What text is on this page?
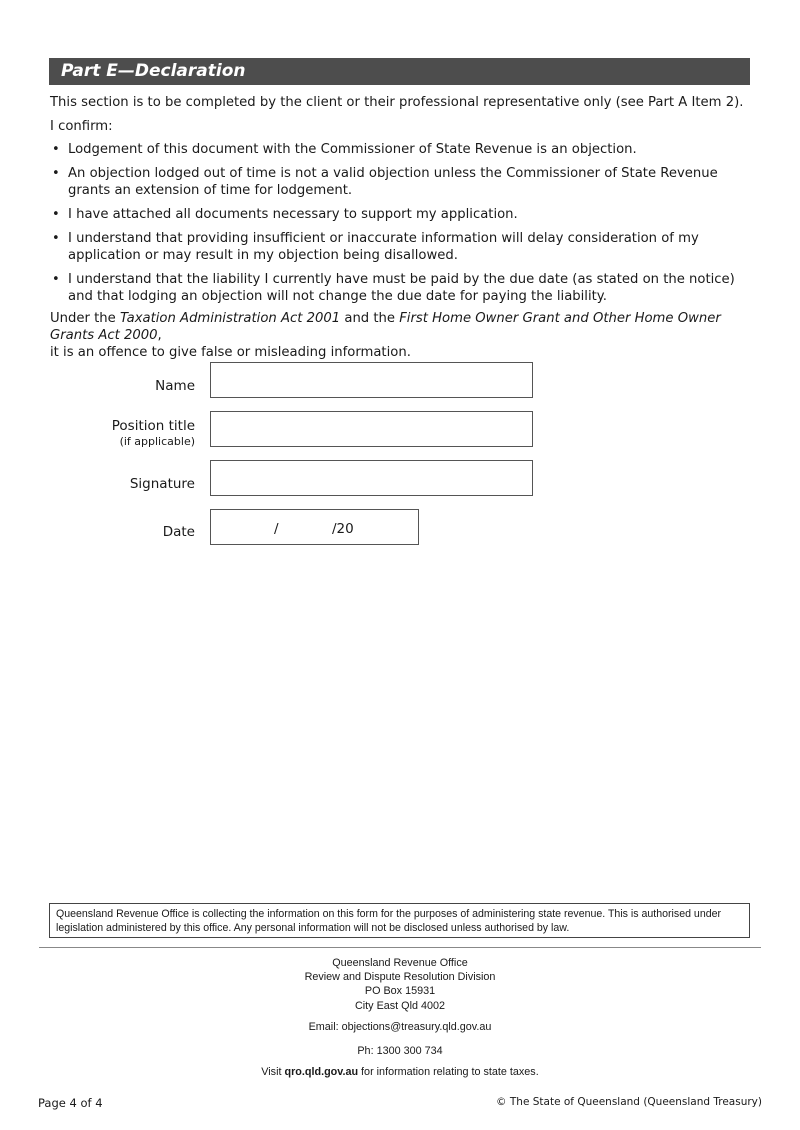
Part E—Declaration
This section is to be completed by the client or their professional representative only (see Part A Item 2).
I confirm:
• Lodgement of this document with the Commissioner of State Revenue is an objection.
• An objection lodged out of time is not a valid objection unless the Commissioner of State Revenue grants an extension of time for lodgement.
• I have attached all documents necessary to support my application.
• I understand that providing insufficient or inaccurate information will delay consideration of my application or may result in my objection being disallowed.
• I understand that the liability I currently have must be paid by the due date (as stated on the notice) and that lodging an objection will not change the due date for paying the liability.
Under the Taxation Administration Act 2001 and the First Home Owner Grant and Other Home Owner Grants Act 2000,
it is an offence to give false or misleading information.
Name
Position title
(if applicable)
Signature
Date	/	/20
Queensland Revenue Office is collecting the information on this form for the purposes of administering state revenue. This is authorised under legislation administered by this office. Any personal information will not be disclosed unless authorised by law.
Queensland Revenue Office
Review and Dispute Resolution Division
PO Box 15931
City East Qld 4002
Email: objections@treasury.qld.gov.au
Ph: 1300 300 734
Visit qro.qld.gov.au for information relating to state taxes.
Page 4 of 4	© The State of Queensland (Queensland Treasury)
